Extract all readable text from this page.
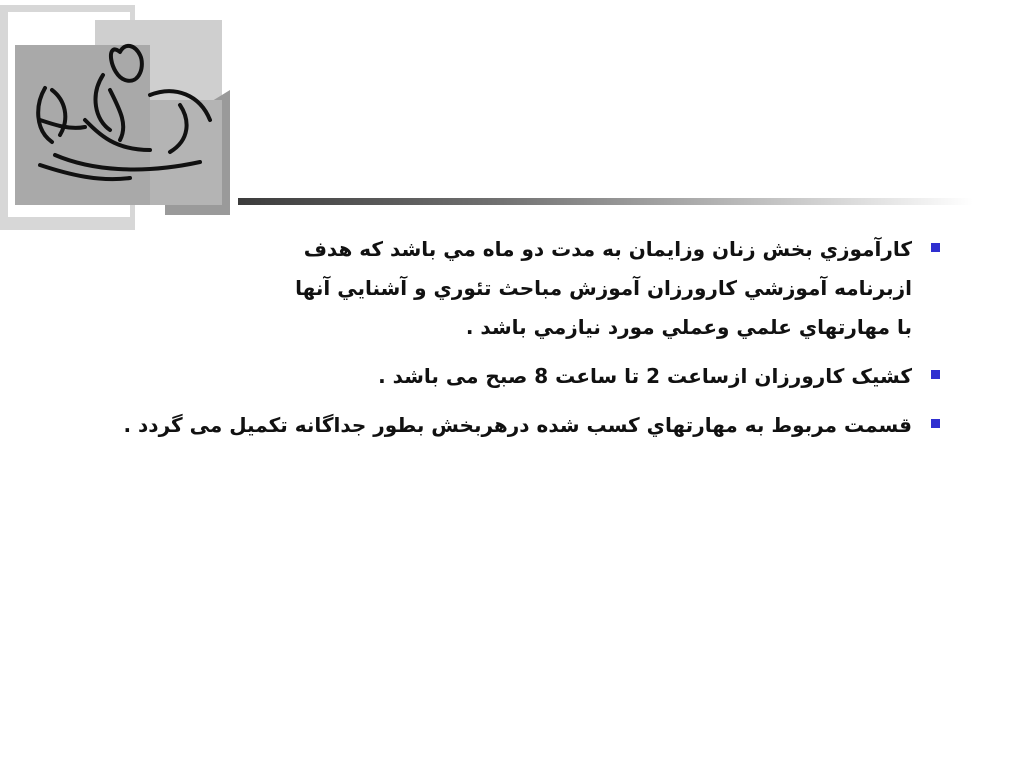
کارآموزي بخش زنان وزايمان به مدت دو ماه مي باشد که هدف
ازبرنامه آموزشي کارورزان آموزش مباحث تئوري و آشنايي آنها
با مهارتهاي علمي وعملي مورد نيازمي باشد .
کشيک کارورزان ازساعت 2 تا ساعت 8 صبح می باشد .
قسمت مربوط به مهارتهاي کسب شده درهربخش بطور جداگانه تکميل می گردد .
